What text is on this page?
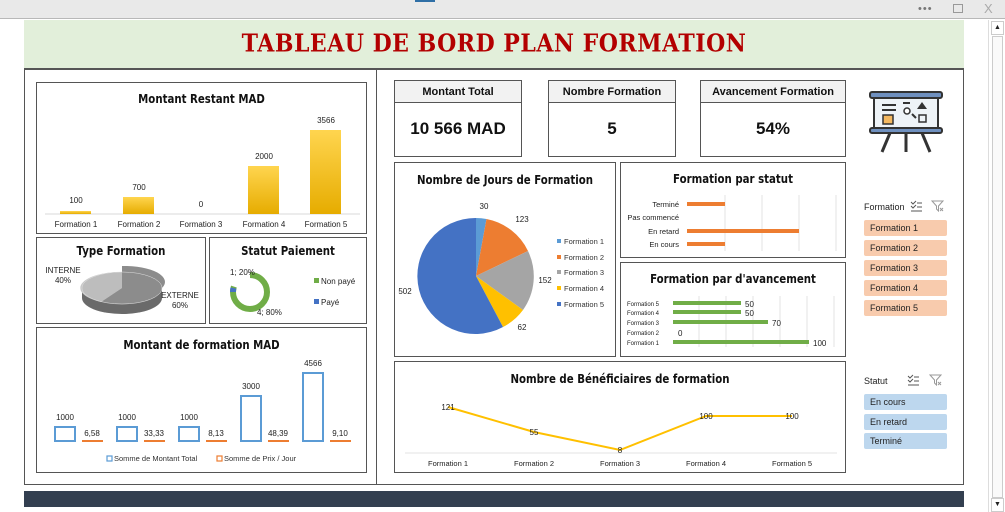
•••	X
▲
▼
TABLEAU DE BORD PLAN FORMATION
Montant Restant MAD
100
700
0
2000
3566
Formation 1	Formation 2 Formation 3	Formation 4 Formation 5
Type Formation
INTERNE
40%
EXTERNE
60%
Statut Paiement
1; 20%
4; 80%
Non payé
Payé
Montant de formation MAD
1000	1000	1000
3000
4566
6,58	33,33	8,13	48,39	9,10
Somme de Montant Total	Somme de Prix / Jour
Montant Total
10 566 MAD
Nombre Formation
5
Avancement Formation
54%
Nombre de Jours de Formation
30
123
152
62
502
Formation 1
Formation 2
Formation 3
Formation 4
Formation 5
Formation par statut
Terminé
Pas commencé
En retard
En cours
Formation par d'avancement
Formation 5
Formation 4
Formation 3
Formation 2
Formation 1
50
50
70
0
100
Nombre de Bénéficiaires de formation
121
55
8
100	100
Formation 1	Formation 2	Formation 3	Formation 4	Formation 5
Formation
Formation 1
Formation 2
Formation 3
Formation 4
Formation 5
Statut
En cours
En retard
Terminé
